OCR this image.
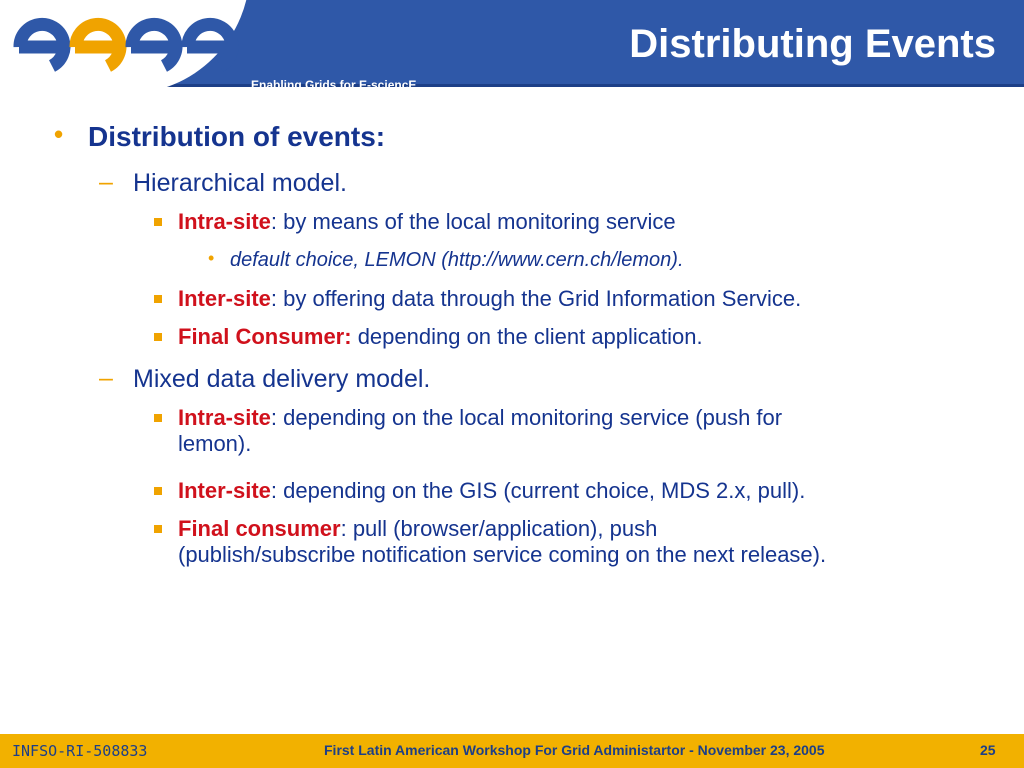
Enabling Grids for E-sciencE
Distributing Events
• Distribution of events:
– Hierarchical model.
Intra-site: by means of the local monitoring service
• default choice, LEMON (http://www.cern.ch/lemon).
Inter-site: by offering data through the Grid Information Service.
Final Consumer: depending on the client application.
– Mixed data delivery model.
Intra-site: depending on the local monitoring service (push for
lemon).
Inter-site: depending on the GIS (current choice, MDS 2.x, pull).
Final consumer: pull (browser/application), push
(publish/subscribe notification service coming on the next release).
INFSO-RI-508833	First Latin American Workshop For Grid Administartor - November 23, 2005	25
